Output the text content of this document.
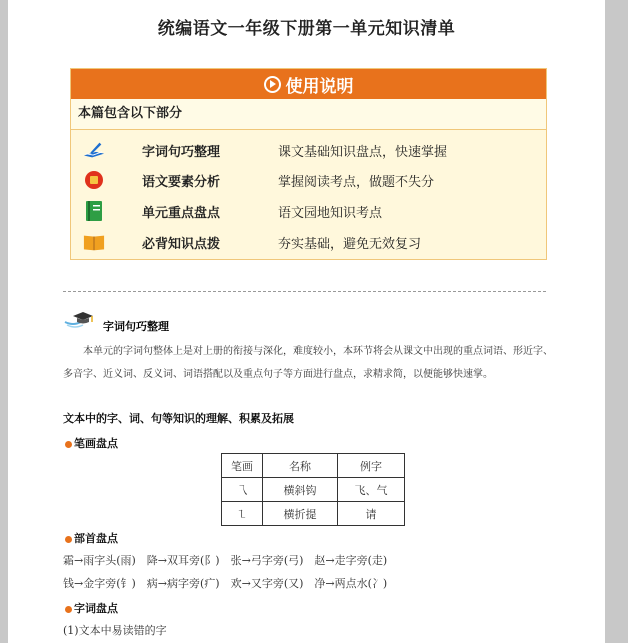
统编语文一年级下册第一单元知识清单
使用说明
本篇包含以下部分
字词句巧整理	课文基础知识盘点，快速掌握
语文要素分析	掌握阅读考点，做题不失分
单元重点盘点	语文园地知识考点
必背知识点拨	夯实基础，避免无效复习
字词句巧整理
本单元的字词句整体上是对上册的衔接与深化，难度较小，本环节将会从课文中出现的重点词语、形近字、多音字、近义词、反义词、词语搭配以及重点句子等方面进行盘点，求精求简，以便能够快速掌。
文本中的字、词、句等知识的理解、积累及拓展
笔画盘点
笔画	名称	例字
乁	横斜钩	飞、气
㇅	横折提	请
部首盘点
霜→雨字头(雨)　降→双耳旁(阝)　张→弓字旁(弓)　赵→走字旁(走)
钱→金字旁(钅)　病→病字旁(疒)　欢→又字旁(又)　净→两点水(冫)
字词盘点
(1)文本中易读错的字
